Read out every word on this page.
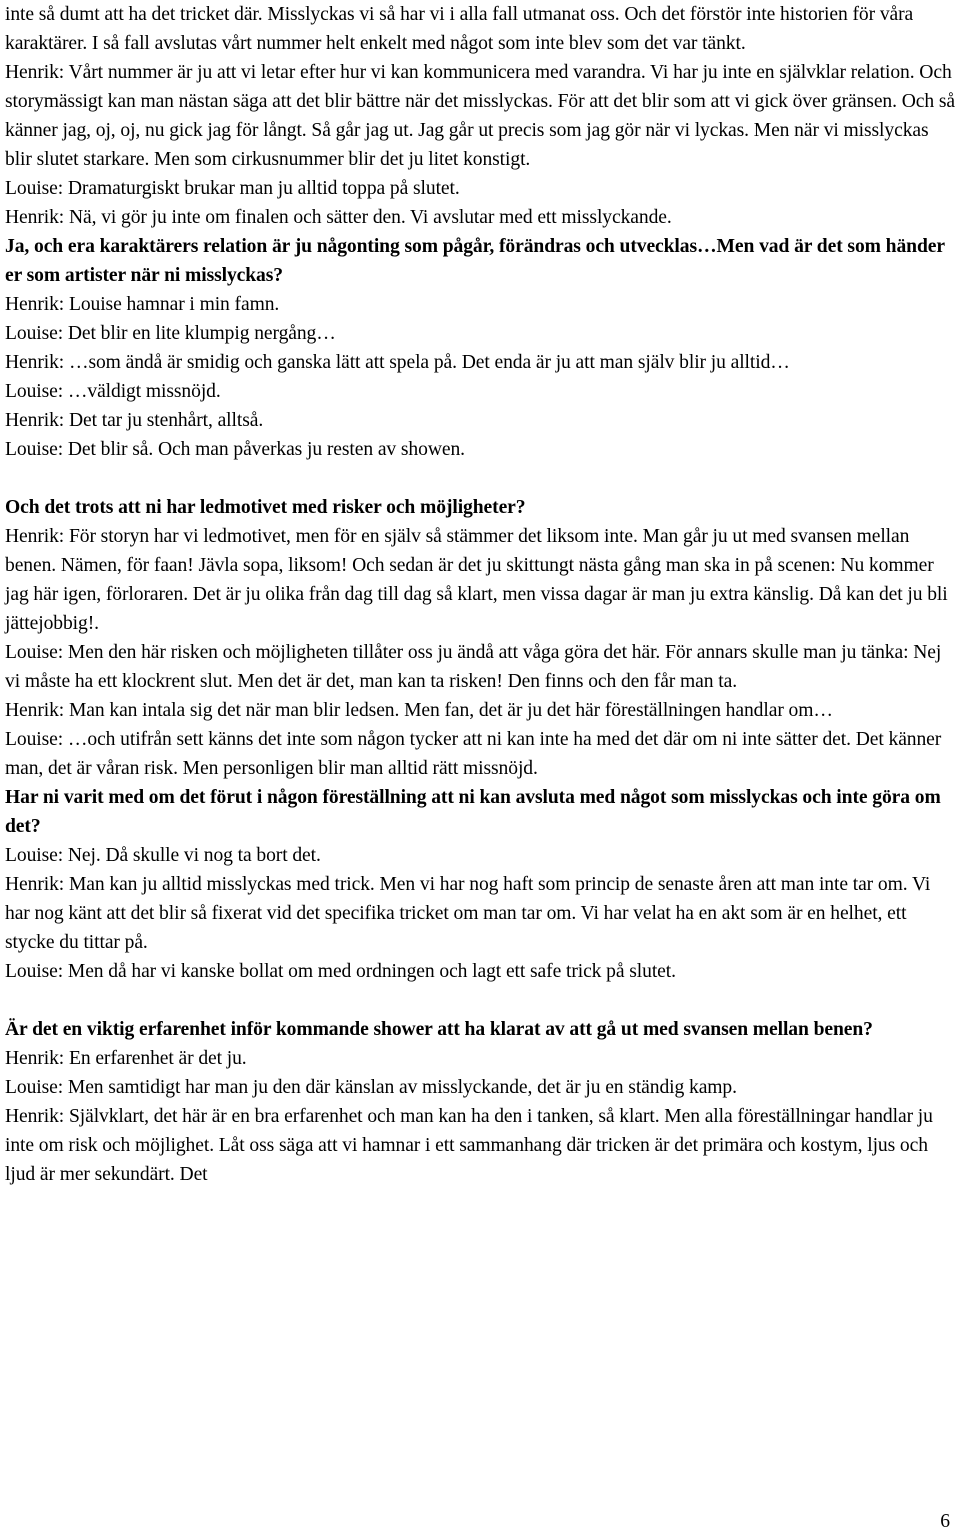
inte så dumt att ha det tricket där. Misslyckas vi så har vi i alla fall utmanat oss. Och det förstör inte historien för våra karaktärer. I så fall avslutas vårt nummer helt enkelt med något som inte blev som det var tänkt.

Henrik: Vårt nummer är ju att vi letar efter hur vi kan kommunicera med varandra. Vi har ju inte en självklar relation. Och storymässigt kan man nästan säga att det blir bättre när det misslyckas. För att det blir som att vi gick över gränsen. Och så känner jag, oj, oj, nu gick jag för långt. Så går jag ut. Jag går ut precis som jag gör när vi lyckas. Men när vi misslyckas blir slutet starkare. Men som cirkusnummer blir det ju litet konstigt.

Louise: Dramaturgiskt brukar man ju alltid toppa på slutet.

Henrik: Nä, vi gör ju inte om finalen och sätter den. Vi avslutar med ett misslyckande.

Ja, och era karaktärers relation är ju någonting som pågår, förändras och utvecklas…Men vad är det som händer er som artister när ni misslyckas?

Henrik: Louise hamnar i min famn.

Louise: Det blir en lite klumpig nergång…

Henrik: …som ändå är smidig och ganska lätt att spela på. Det enda är ju att man själv blir ju alltid…

Louise: …väldigt missnöjd.

Henrik: Det tar ju stenhårt, alltså.

Louise: Det blir så. Och man påverkas ju resten av showen.

Och det trots att ni har ledmotivet med risker och möjligheter?

Henrik: För storyn har vi ledmotivet, men för en själv så stämmer det liksom inte. Man går ju ut med svansen mellan benen. Nämen, för faan! Jävla sopa, liksom! Och sedan är det ju skittungt nästa gång man ska in på scenen: Nu kommer jag här igen, förloraren. Det är ju olika från dag till dag så klart, men vissa dagar är man ju extra känslig. Då kan det ju bli jättejobbig!.

Louise: Men den här risken och möjligheten tillåter oss ju ändå att våga göra det här. För annars skulle man ju tänka: Nej vi måste ha ett klockrent slut. Men det är det, man kan ta risken! Den finns och den får man ta.

Henrik: Man kan intala sig det när man blir ledsen. Men fan, det är ju det här föreställningen handlar om…

Louise: …och utifrån sett känns det inte som någon tycker att ni kan inte ha med det där om ni inte sätter det. Det känner man, det är våran risk. Men personligen blir man alltid rätt missnöjd.

Har ni varit med om det förut i någon föreställning att ni kan avsluta med något som misslyckas och inte göra om det?

Louise: Nej. Då skulle vi nog ta bort det.

Henrik: Man kan ju alltid misslyckas med trick. Men vi har nog haft som princip de senaste åren att man inte tar om. Vi har nog känt att det blir så fixerat vid det specifika tricket om man tar om. Vi har velat ha en akt som är en helhet, ett stycke du tittar på.

Louise: Men då har vi kanske bollat om med ordningen och lagt ett safe trick på slutet.

Är det en viktig erfarenhet inför kommande shower att ha klarat av att gå ut med svansen mellan benen?

Henrik: En erfarenhet är det ju.

Louise: Men samtidigt har man ju den där känslan av misslyckande, det är ju en ständig kamp.

Henrik: Självklart, det här är en bra erfarenhet och man kan ha den i tanken, så klart. Men alla föreställningar handlar ju inte om risk och möjlighet. Låt oss säga att vi hamnar i ett sammanhang där tricken är det primära och kostym, ljus och ljud är mer sekundärt. Det

6
